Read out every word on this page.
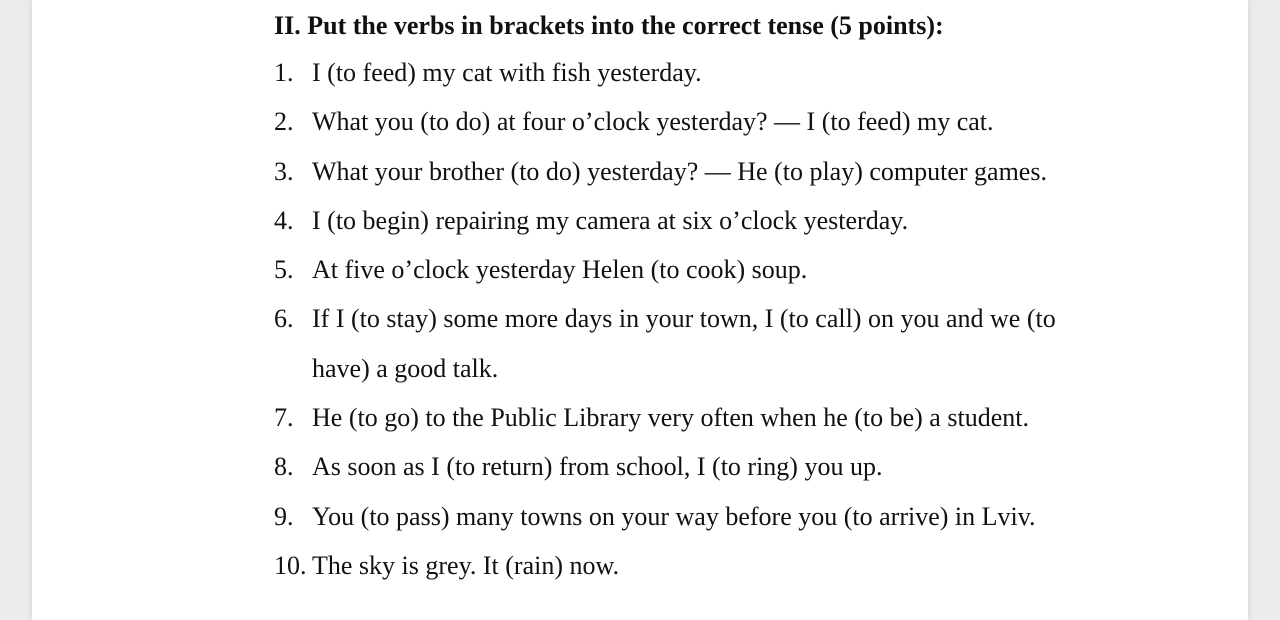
II. Put the verbs in brackets into the correct tense (5 points):

1. I (to feed) my cat with fish yesterday.
2. What you (to do) at four o’clock yesterday? — I (to feed) my cat.
3. What your brother (to do) yesterday? — He (to play) computer games.
4. I (to begin) repairing my camera at six o’clock yesterday.
5. At five o’clock yesterday Helen (to cook) soup.
6. If I (to stay) some more days in your town, I (to call) on you and we (to
have) a good talk.
7. He (to go) to the Public Library very often when he (to be) a student.
8. As soon as I (to return) from school, I (to ring) you up.
9. You (to pass) many towns on your way before you (to arrive) in Lviv.
10. The sky is grey. It (rain) now.
